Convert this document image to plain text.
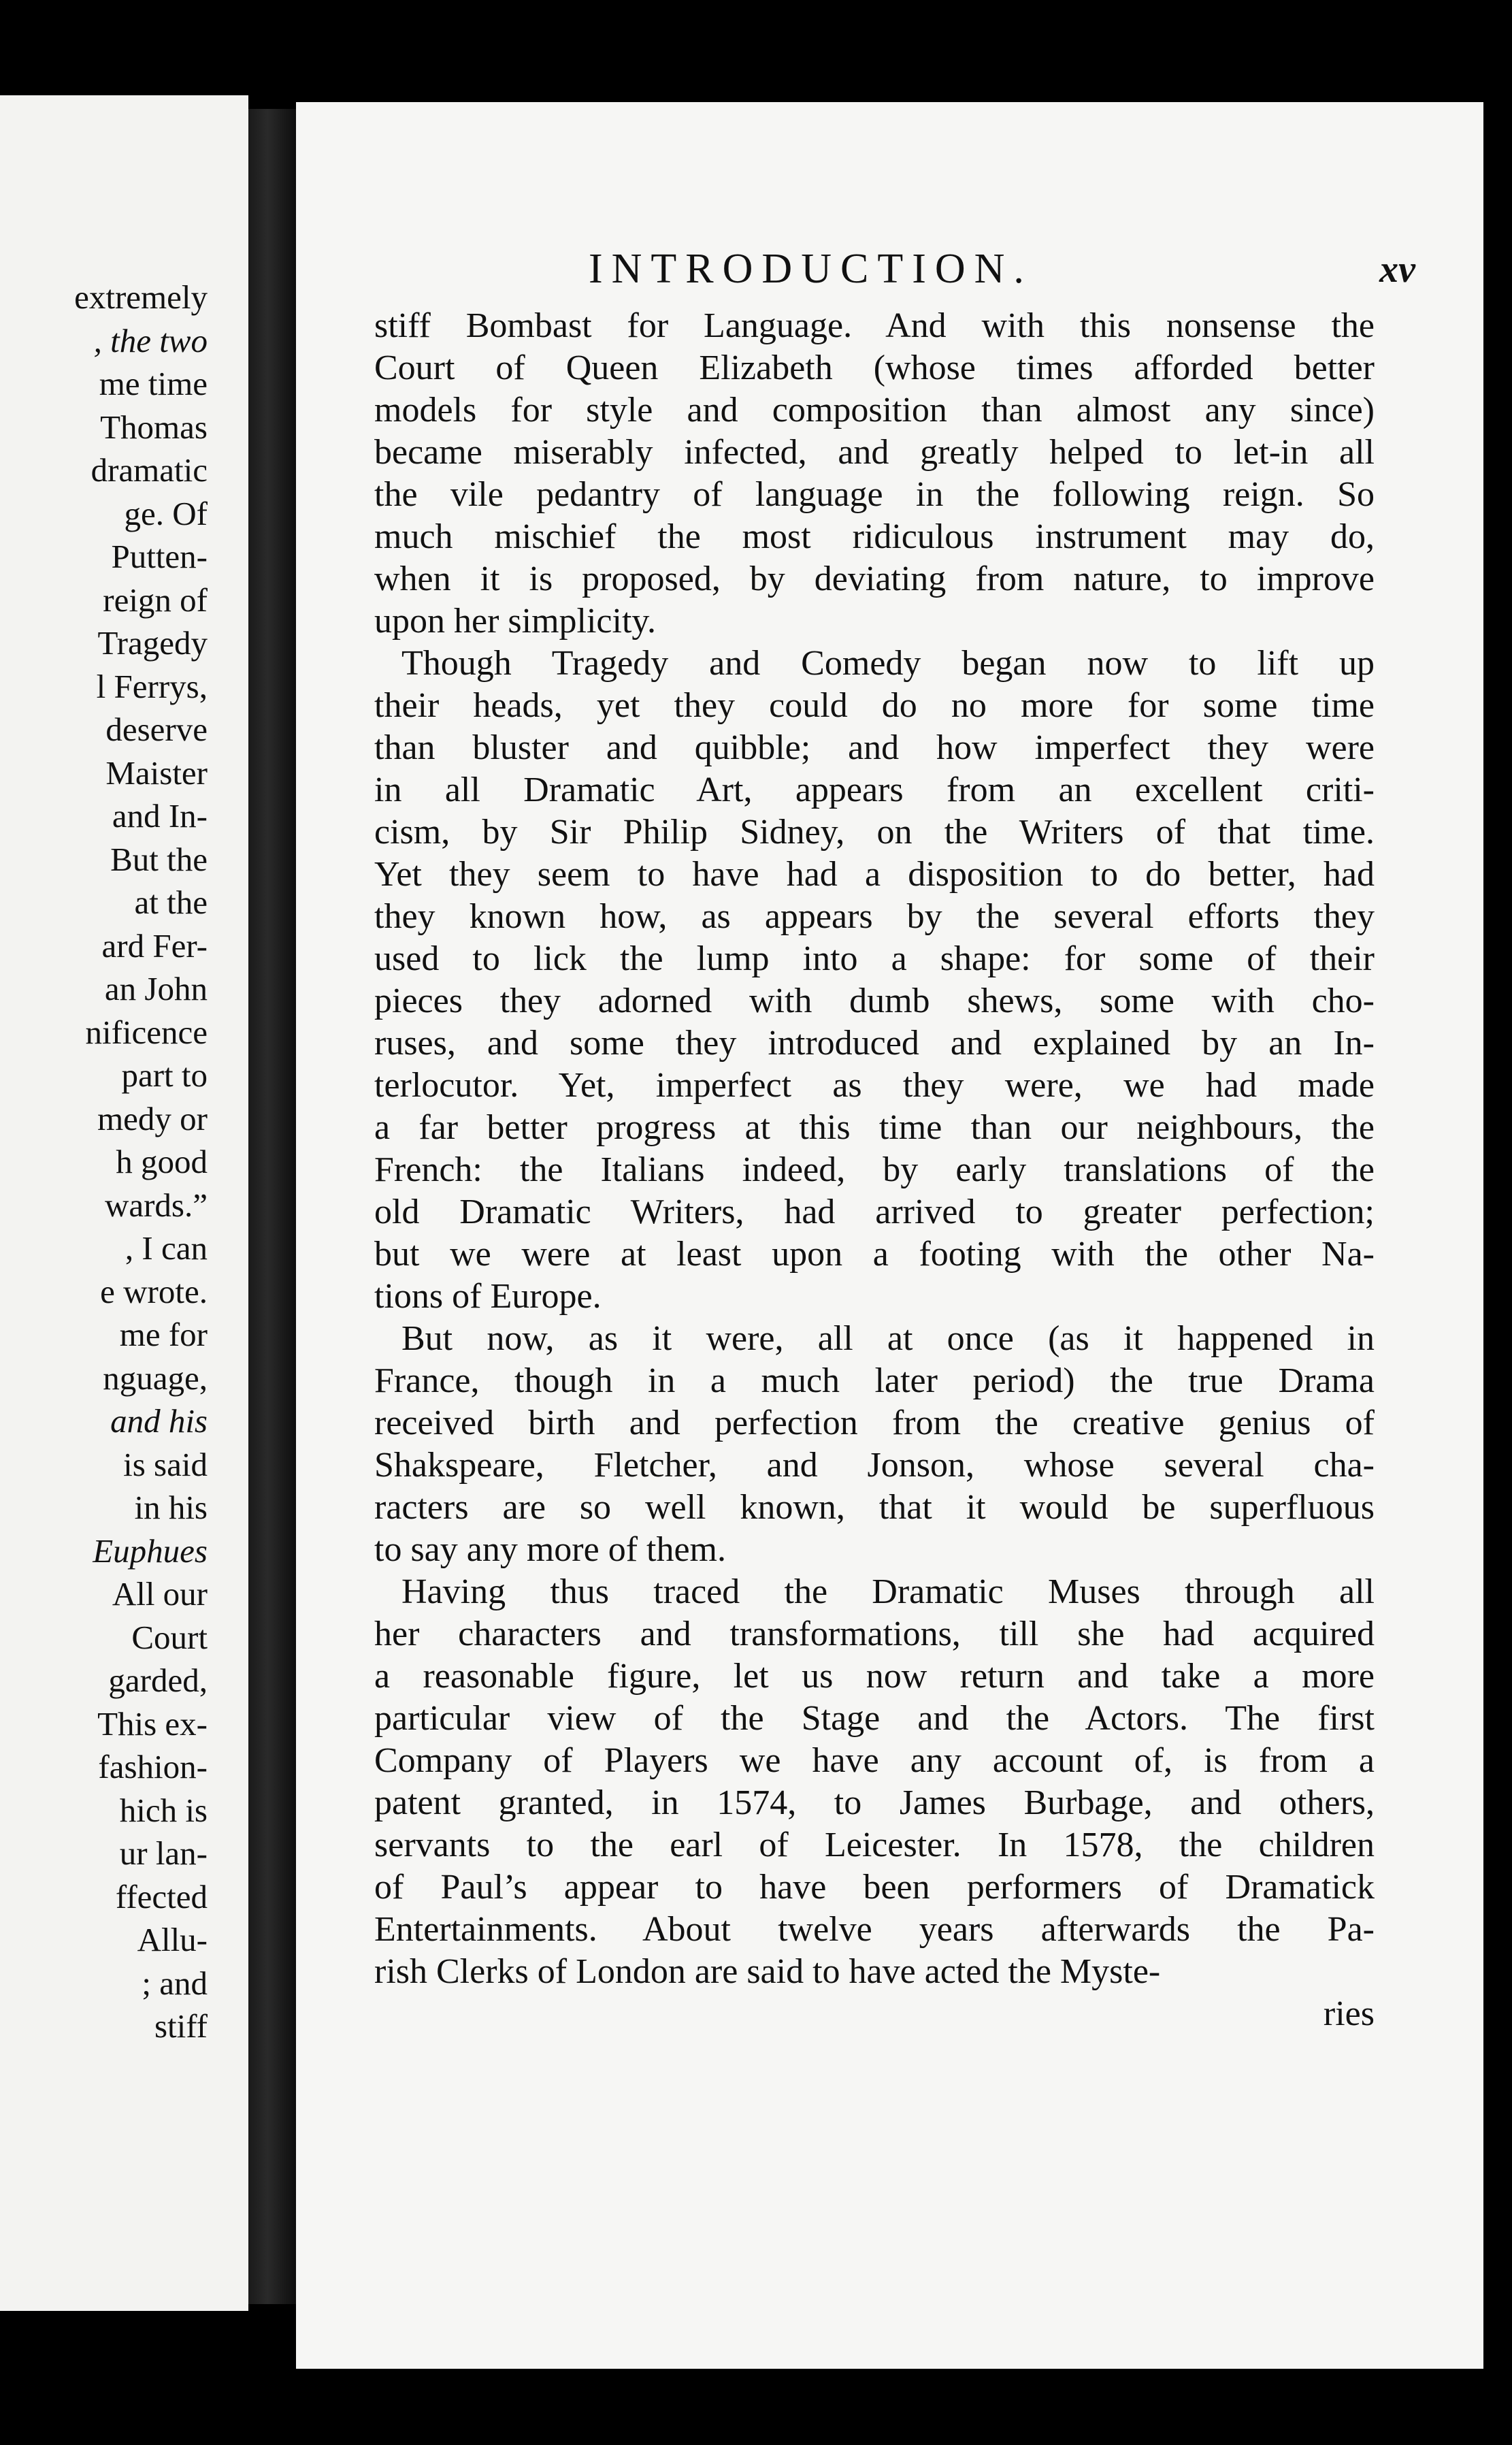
extremely
, the two
me time
Thomas
dramatic
ge. Of
Putten-
reign of
Tragedy
l Ferrys,
deserve
Maister
and In-
But the
at the
ard Fer-
an John
nificence
part to
medy or
h good
wards.”
, I can
e wrote.
me for
nguage,
and his
is said
in his
Euphues
All our
Court
garded,
This ex-
fashion-
hich is
ur lan-
ffected
Allu-
; and
stiff
INTRODUCTION.	xv
stiff Bombast for Language. And with this nonsense the
Court of Queen Elizabeth (whose times afforded better
models for style and composition than almost any since)
became miserably infected, and greatly helped to let-in all
the vile pedantry of language in the following reign. So
much mischief the most ridiculous instrument may do,
when it is proposed, by deviating from nature, to improve
upon her simplicity.
Though Tragedy and Comedy began now to lift up
their heads, yet they could do no more for some time
than bluster and quibble; and how imperfect they were
in all Dramatic Art, appears from an excellent criti-
cism, by Sir Philip Sidney, on the Writers of that time.
Yet they seem to have had a disposition to do better, had
they known how, as appears by the several efforts they
used to lick the lump into a shape: for some of their
pieces they adorned with dumb shews, some with cho-
ruses, and some they introduced and explained by an In-
terlocutor. Yet, imperfect as they were, we had made
a far better progress at this time than our neighbours, the
French: the Italians indeed, by early translations of the
old Dramatic Writers, had arrived to greater perfection;
but we were at least upon a footing with the other Na-
tions of Europe.
But now, as it were, all at once (as it happened in
France, though in a much later period) the true Drama
received birth and perfection from the creative genius of
Shakspeare, Fletcher, and Jonson, whose several cha-
racters are so well known, that it would be superfluous
to say any more of them.
Having thus traced the Dramatic Muses through all
her characters and transformations, till she had acquired
a reasonable figure, let us now return and take a more
particular view of the Stage and the Actors. The first
Company of Players we have any account of, is from a
patent granted, in 1574, to James Burbage, and others,
servants to the earl of Leicester. In 1578, the children
of Paul’s appear to have been performers of Dramatick
Entertainments. About twelve years afterwards the Pa-
rish Clerks of London are said to have acted the Myste-
ries
